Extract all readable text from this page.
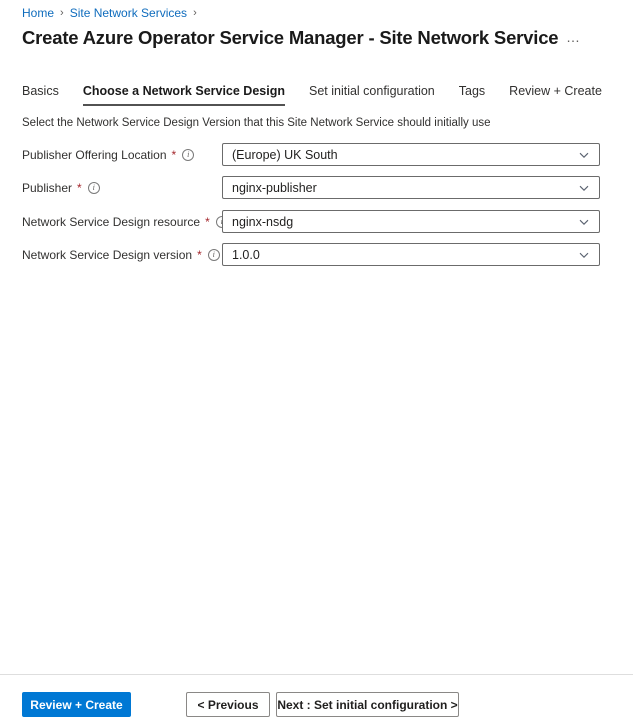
Home › Site Network Services ›
Create Azure Operator Service Manager - Site Network Service …
Basics Choose a Network Service Design Set initial configuration Tags Review + Create

Select the Network Service Design Version that this Site Network Service should initially use

Publisher Offering Location *	i	(Europe) UK South
Publisher *	i	nginx-publisher
Network Service Design resource * nginx-nsdg
Network Service Design version *	i	1.0.0
Review + Create	< Previous	Next : Set initial configuration >
